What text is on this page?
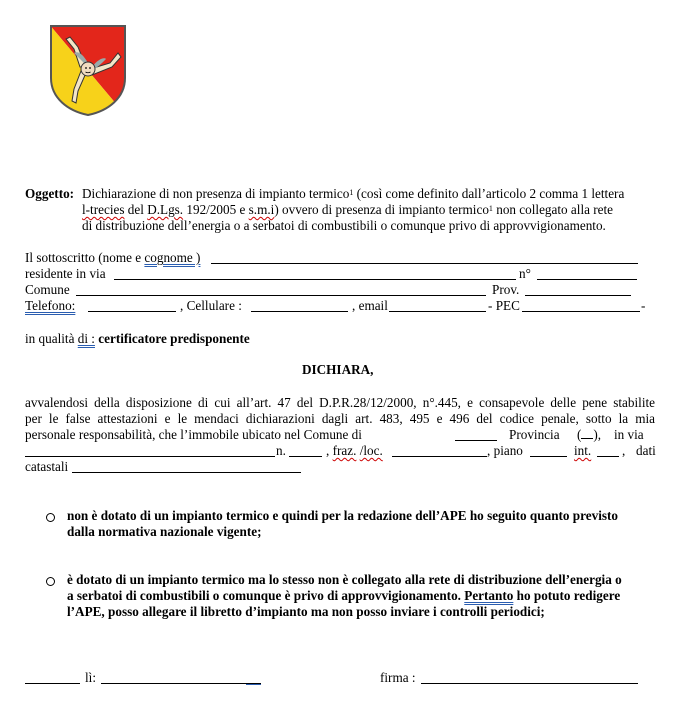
Oggetto: Dichiarazione di non presenza di impianto termico$^1$ (così come definito dall’articolo 2 comma 1 lettera
l-trecies del D.Lgs. 192/2005 e s.m.i) ovvero di presenza di impianto termico$^1$ non collegato alla rete
di distribuzione dell’energia o a serbatoi di combustibili o comunque privo di approvvigionamento.
Il sottoscritto (nome e cognome )
residente in via	n°
Comune	Prov.
Telefono:	, Cellulare :	, email	- PEC	-
in qualità di : certificatore predisponente
DICHIARA,
avvalendosi della disposizione di cui all’art. 47 del D.P.R.28/12/2000, n°.445, e consapevole delle pene stabilite
per le false attestazioni e le mendaci dichiarazioni dagli art. 483, 495 e 496 del codice penale, sotto la mia
personale responsabilità, che l’immobile ubicato nel Comune di	Provincia ( ), in via
n.	, fraz. /loc.	, piano	int. , dati
catastali
non è dotato di un impianto termico e quindi per la redazione dell’APE ho seguito quanto previsto
dalla normativa nazionale vigente;
è dotato di un impianto termico ma lo stesso non è collegato alla rete di distribuzione dell’energia o
a serbatoi di combustibili o comunque è privo di approvvigionamento. Pertanto ho potuto redigere
l’APE, posso allegare il libretto d’impianto ma non posso inviare i controlli periodici;
lì:	firma :
